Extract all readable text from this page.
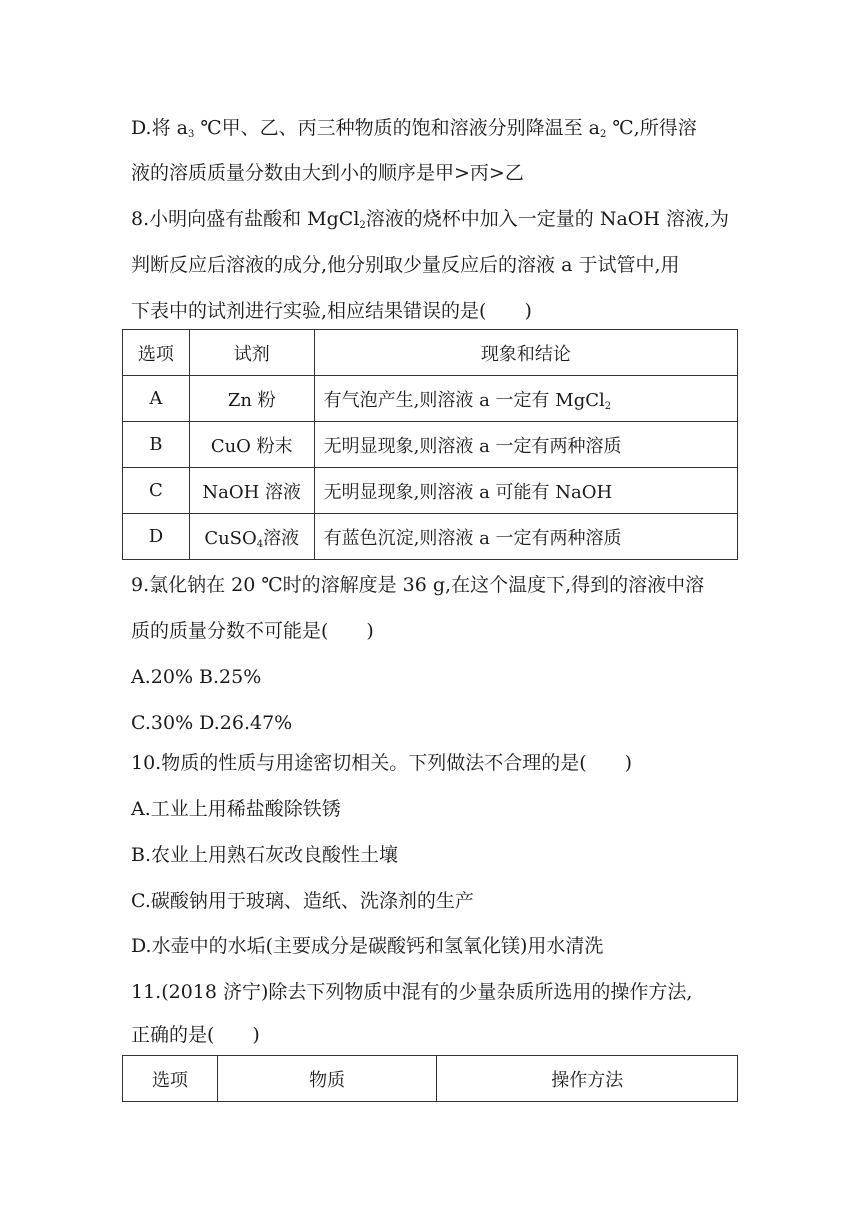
D.将 $a_3$ ℃甲、乙、丙三种物质的饱和溶液分别降温至 $a_2$ ℃,所得溶
液的溶质质量分数由大到小的顺序是甲>丙>乙
8.小明向盛有盐酸和 MgCl$_2$溶液的烧杯中加入一定量的 NaOH 溶液,为
判断反应后溶液的成分,他分别取少量反应后的溶液 a 于试管中,用
下表中的试剂进行实验,相应结果错误的是(　　)
选项	试剂	现象和结论
A	Zn 粉	有气泡产生,则溶液 a 一定有 MgCl$_2$
B	CuO 粉末	无明显现象,则溶液 a 一定有两种溶质
C	NaOH 溶液	无明显现象,则溶液 a 可能有 NaOH
D	CuSO$_4$溶液	有蓝色沉淀,则溶液 a 一定有两种溶质
9.氯化钠在 20 ℃时的溶解度是 36 g,在这个温度下,得到的溶液中溶
质的质量分数不可能是(　　)
A.20% B.25%
C.30% D.26.47%
10.物质的性质与用途密切相关。下列做法不合理的是(　　)
A.工业上用稀盐酸除铁锈
B.农业上用熟石灰改良酸性土壤
C.碳酸钠用于玻璃、造纸、洗涤剂的生产
D.水壶中的水垢(主要成分是碳酸钙和氢氧化镁)用水清洗
11.(2018 济宁)除去下列物质中混有的少量杂质所选用的操作方法,
正确的是(　　)
选项	物质	操作方法
